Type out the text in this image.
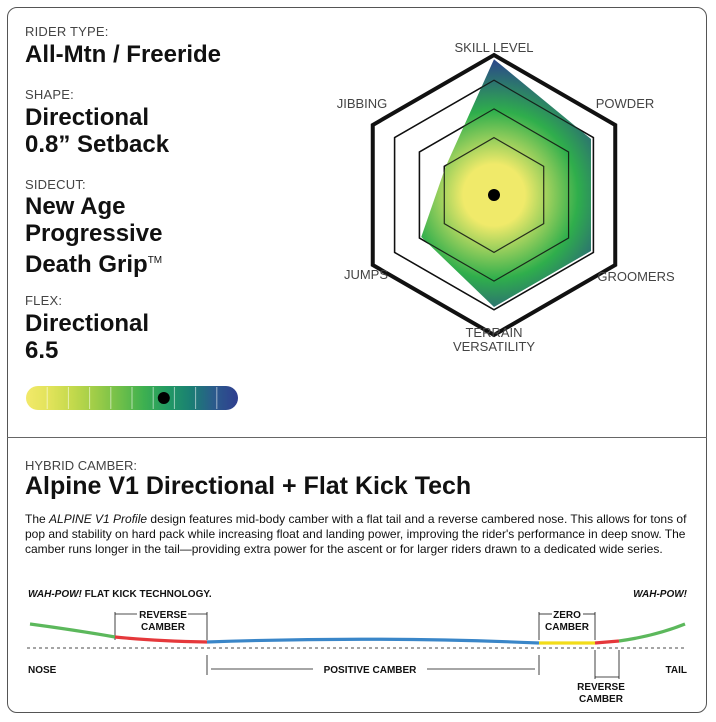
RIDER TYPE:
All-Mtn / Freeride
SHAPE:
Directional
0.8” Setback
SIDECUT:
New Age
Progressive
Death Grip™
FLEX:
Directional
6.5
SKILL LEVEL
POWDER
GROOMERS
TERRAIN
VERSATILITY
JUMPS
JIBBING
HYBRID CAMBER:
Alpine V1 Directional + Flat Kick Tech
The ALPINE V1 Profile design features mid-body camber with a flat tail and a reverse cambered nose. This allows for tons of pop and stability on hard pack while increasing float and landing power, improving the rider's performance in deep snow. The camber runs longer in the tail—providing extra power for the ascent or for larger riders drawn to a dedicated wide series.
WAH-POW! FLAT KICK TECHNOLOGY.	WAH-POW!
REVERSE
CAMBER
ZERO
CAMBER
NOSE	TAIL
POSITIVE CAMBER
REVERSE
CAMBER
